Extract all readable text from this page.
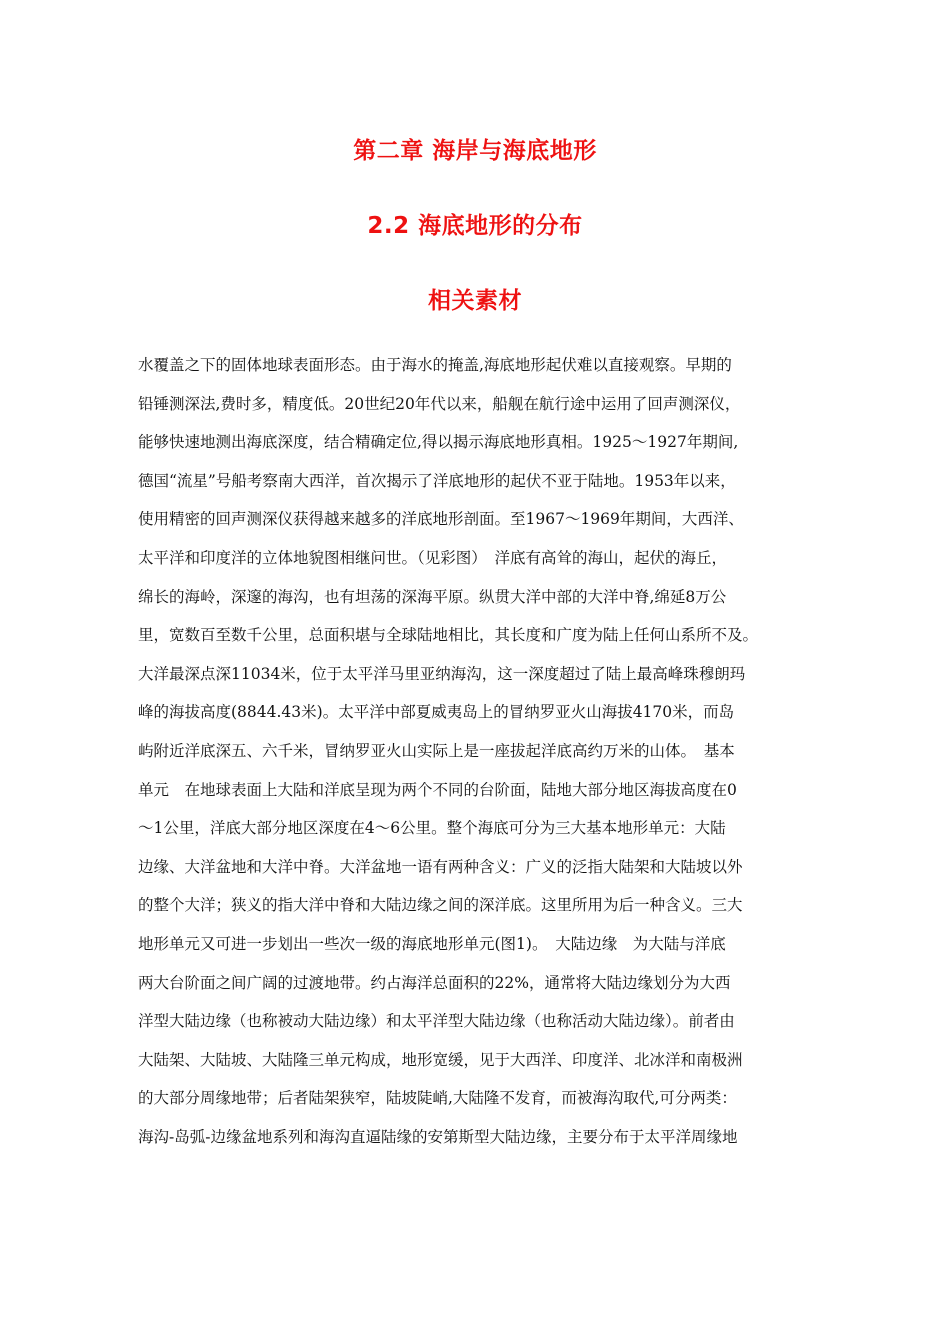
第二章 海岸与海底地形
2.2 海底地形的分布
相关素材
水覆盖之下的固体地球表面形态。由于海水的掩盖,海底地形起伏难以直接观察。早期的
铅锤测深法,费时多，精度低。20世纪20年代以来，船舰在航行途中运用了回声测深仪，
能够快速地测出海底深度，结合精确定位,得以揭示海底地形真相。1925～1927年期间,
德国“流星”号船考察南大西洋，首次揭示了洋底地形的起伏不亚于陆地。1953年以来，
使用精密的回声测深仪获得越来越多的洋底地形剖面。至1967～1969年期间，大西洋、
太平洋和印度洋的立体地貌图相继问世。（见彩图）　洋底有高耸的海山，起伏的海丘，
绵长的海岭，深邃的海沟，也有坦荡的深海平原。纵贯大洋中部的大洋中脊,绵延8万公
里，宽数百至数千公里，总面积堪与全球陆地相比，其长度和广度为陆上任何山系所不及。
大洋最深点深11034米，位于太平洋马里亚纳海沟，这一深度超过了陆上最高峰珠穆朗玛
峰的海拔高度(8844.43米)。太平洋中部夏威夷岛上的冒纳罗亚火山海拔4170米，而岛
屿附近洋底深五、六千米，冒纳罗亚火山实际上是一座拔起洋底高约万米的山体。　基本
单元　在地球表面上大陆和洋底呈现为两个不同的台阶面，陆地大部分地区海拔高度在0
～1公里，洋底大部分地区深度在4～6公里。整个海底可分为三大基本地形单元：大陆
边缘、大洋盆地和大洋中脊。大洋盆地一语有两种含义：广义的泛指大陆架和大陆坡以外
的整个大洋；狭义的指大洋中脊和大陆边缘之间的深洋底。这里所用为后一种含义。三大
地形单元又可进一步划出一些次一级的海底地形单元(图1)。　大陆边缘　为大陆与洋底
两大台阶面之间广阔的过渡地带。约占海洋总面积的22%，通常将大陆边缘划分为大西
洋型大陆边缘（也称被动大陆边缘）和太平洋型大陆边缘（也称活动大陆边缘）。前者由
大陆架、大陆坡、大陆隆三单元构成，地形宽缓，见于大西洋、印度洋、北冰洋和南极洲
的大部分周缘地带；后者陆架狭窄，陆坡陡峭,大陆隆不发育，而被海沟取代,可分两类：
海沟-岛弧-边缘盆地系列和海沟直逼陆缘的安第斯型大陆边缘，主要分布于太平洋周缘地
